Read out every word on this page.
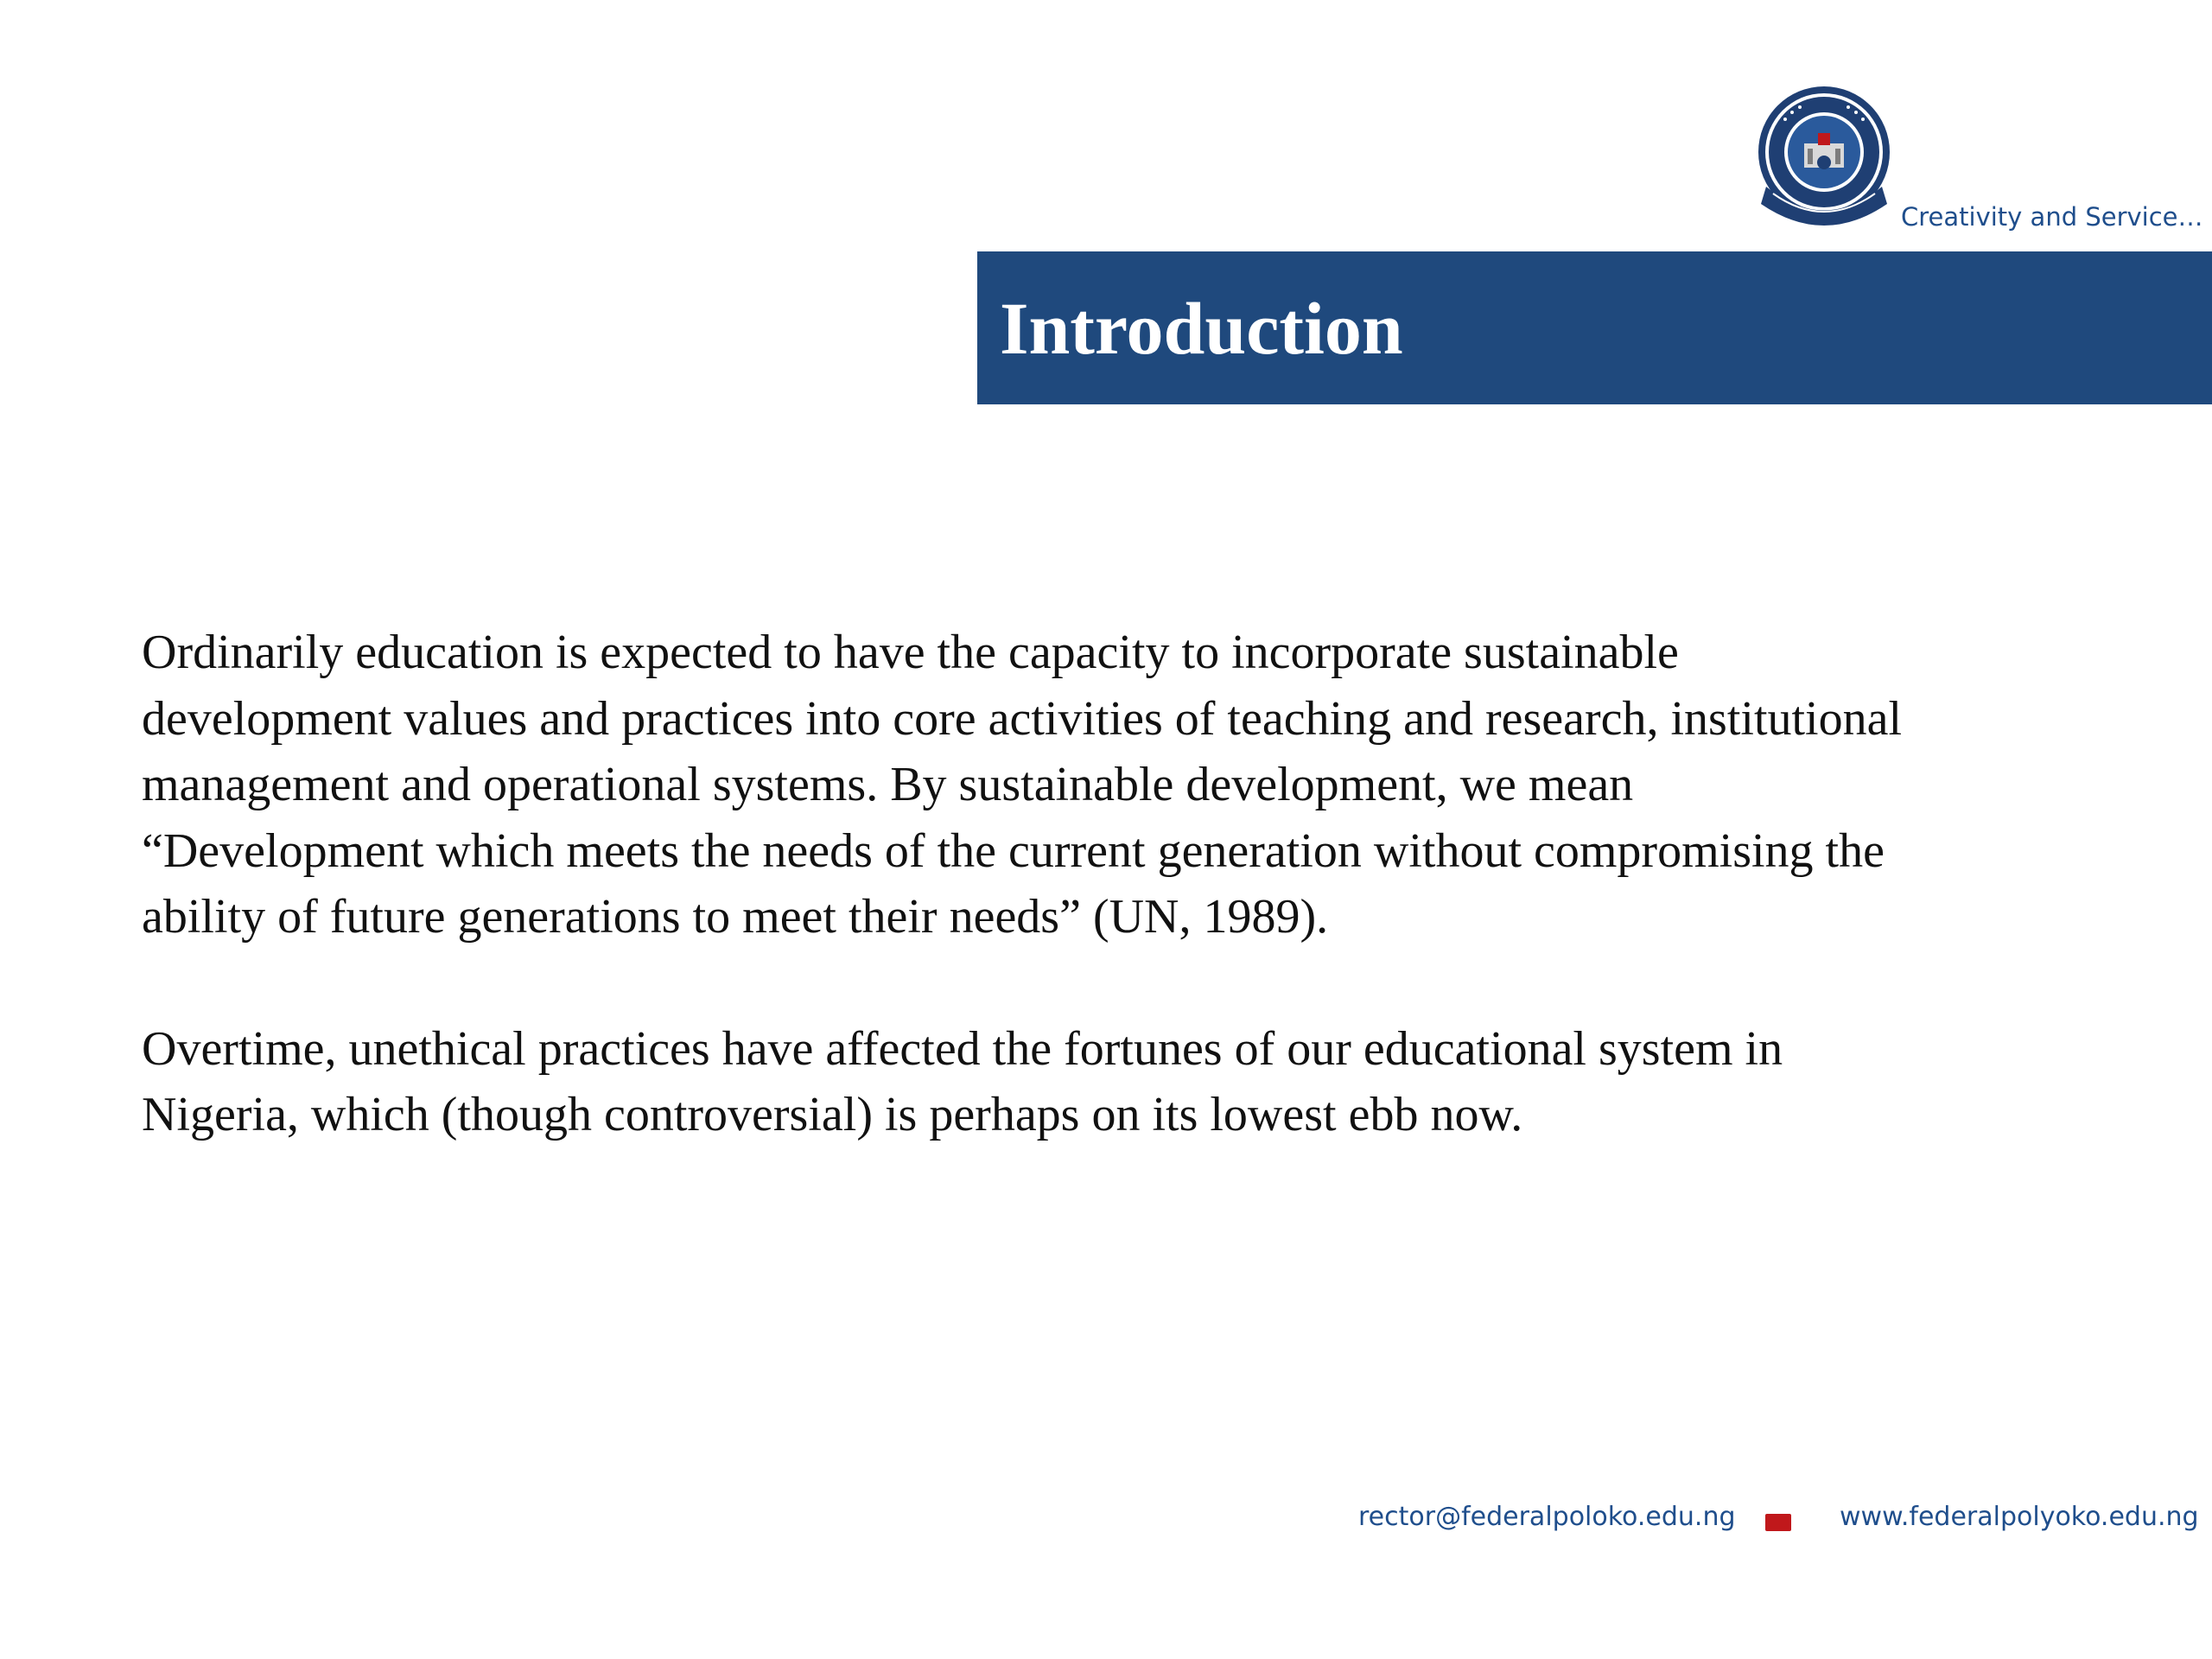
Creativity and Service…
Introduction

Ordinarily education is expected to have the capacity to incorporate sustainable

development values and practices into core activities of teaching and research, institutional

management and operational systems. By sustainable development, we mean

“Development which meets the needs of the current generation without compromising the

ability of future generations to meet their needs” (UN, 1989).

Overtime, unethical practices have affected the fortunes of our educational system in

Nigeria, which (though controversial) is perhaps on its lowest ebb now.

rector@federalpoloko.edu.ng	www.federalpolyoko.edu.ng
